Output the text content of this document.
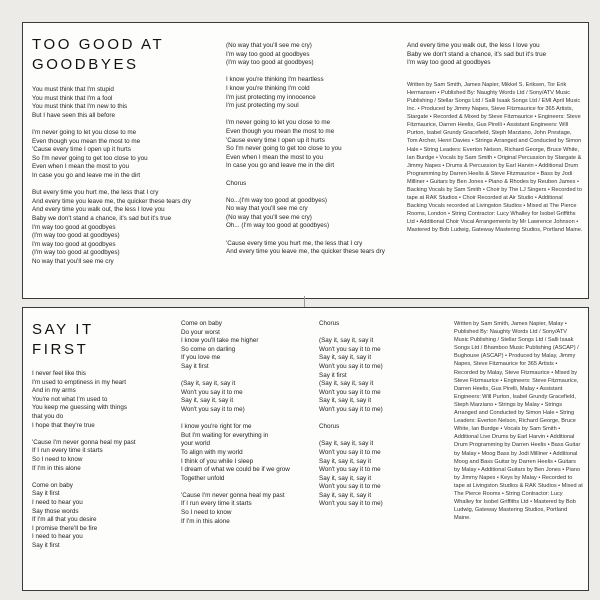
TOO GOOD AT
GOODBYES
You must think that I'm stupid
You must think that I'm a fool
You must think that I'm new to this
But I have seen this all before

I'm never going to let you close to me
Even though you mean the most to me
'Cause every time I open up it hurts
So I'm never going to get too close to you
Even when I mean the most to you
In case you go and leave me in the dirt

But every time you hurt me, the less that I cry
And every time you leave me, the quicker these tears dry
And every time you walk out, the less I love you
Baby we don't stand a chance, it's sad but it's true
I'm way too good at goodbyes
(I'm way too good at goodbyes)
I'm way too good at goodbyes
(I'm way too good at goodbyes)
No way that you'll see me cry
(No way that you'll see me cry)
I'm way too good at goodbyes
(I'm way too good at goodbyes)

I know you're thinking I'm heartless
I know you're thinking I'm cold
I'm just protecting my innocence
I'm just protecting my soul

I'm never going to let you close to me
Even though you mean the most to me
'Cause every time I open up it hurts
So I'm never going to get too close to you
Even when I mean the most to you
In case you go and leave me in the dirt

Chorus

No...(I'm way too good at goodbyes)
No way that you'll see me cry
(No way that you'll see me cry)
Oh... (I'm way too good at goodbyes)

'Cause every time you hurt me, the less that I cry
And every time you leave me, the quicker these tears dry
And every time you walk out, the less I love you
Baby we don't stand a chance, it's sad but it's true
I'm way too good at goodbyes
Written by Sam Smith, James Napier, Mikkel S. Eriksen, Tor Erik Hermansen • Published By: Naughty Words Ltd / Sony/ATV Music Publishing / Stellar Songs Ltd / Salli Isaak Songs Ltd / EMI April Music Inc. • Produced by Jimmy Napes, Steve Fitzmaurice for 365 Artists, Stargate • Recorded & Mixed by Steve Fitzmaurice • Engineers: Steve Fitzmaurice, Darren Heelis, Gus Pirelli • Assistant Engineers: Will Purton, Isabel Grundy Gracefield, Steph Marziano, John Prestage, Tom Archer, Henri Davies • Strings Arranged and Conducted by Simon Hale • String Leaders: Everton Nelson, Richard George, Bruce White, Ian Burdge • Vocals by Sam Smith • Original Percussion by Stargate & Jimmy Napes • Drums & Percussion by Earl Harvin • Additional Drum Programming by Darren Heelis & Steve Fitzmaurice • Bass by Jodi Milliner • Guitars by Ben Jones • Piano & Rhodes by Reuben James • Backing Vocals by Sam Smith • Choir by The LJ Singers • Recorded to tape at RAK Studios • Choir Recorded at Air Studio • Additional Backing Vocals recorded at Livingston Studios • Mixed at The Pierce Rooms, London • String Contractor: Lucy Whalley for Isobel Griffiths Ltd • Additional Choir Vocal Arrangements by Mr Lawrence Johnson • Mastered by Bob Ludwig, Gateway Mastering Studios, Portland Maine.
SAY IT
FIRST
I never feel like this
I'm used to emptiness in my heart
And in my arms
You're not what I'm used to
You keep me guessing with things
that you do
I hope that they're true

'Cause I'm never gonna heal my past
If I run every time it starts
So I need to know
If I'm in this alone

Come on baby
Say it first
I need to hear you
Say those words
If I'm all that you desire
I promise there'll be fire
I need to hear you
Say it first
Come on baby
Do your worst
I know you'll take me higher
So come on darling
If you love me
Say it first

(Say it, say it, say it
Won't you say it to me
Say it, say it, say it
Won't you say it to me)

I know you're right for me
But I'm waiting for everything in
your world
To align with my world
I think of you while I sleep
I dream of what we could be if we grow
Together unfold

'Cause I'm never gonna heal my past
If I run every time it starts
So I need to know
If I'm in this alone
Chorus

(Say it, say it, say it
Won't you say it to me
Say it, say it, say it
Won't you say it to me)
Say it first
(Say it, say it, say it
Won't you say it to me
Say it, say it, say it
Won't you say it to me)

Chorus

(Say it, say it, say it
Won't you say it to me
Say it, say it, say it
Won't you say it to me
Say it, say it, say it
Won't you say it to me
Say it, say it, say it
Won't you say it to me)
Written by Sam Smith, James Napier, Malay • Published By: Naughty Words Ltd / Sony/ATV Music Publishing / Stellar Songs Ltd / Salli Isaak Songs Ltd / Bhamboo Music Publishing (ASCAP) / Bughouse (ASCAP) • Produced by Malay, Jimmy Napes, Steve Fitzmaurice for 365 Artists • Recorded by Malay, Steve Fitzmaurice • Mixed by Steve Fitzmaurice • Engineers: Steve Fitzmaurice, Darren Heelis, Gus Pirelli, Malay • Assistant Engineers: Will Purton, Isabel Grundy Gracefield, Steph Marziano • Strings by Malay • Strings Arranged and Conducted by Simon Hale • String Leaders: Everton Nelson, Richard George, Bruce White, Ian Burdge • Vocals by Sam Smith • Additional Live Drums by Earl Harvin • Additional Drum Programming by Darren Heelis • Bass Guitar by Malay • Moog Bass by Jodi Milliner • Additional Moog and Bass Guitar by Darren Heelis • Guitars by Malay • Additional Guitars by Ben Jones • Piano by Jimmy Napes • Keys by Malay • Recorded to tape at Livingston Studios & RAK Studios • Mixed at The Pierce Rooms • String Contractor: Lucy Whalley for Isobel Griffiths Ltd • Mastered by Bob Ludwig, Gateway Mastering Studios, Portland Maine.
